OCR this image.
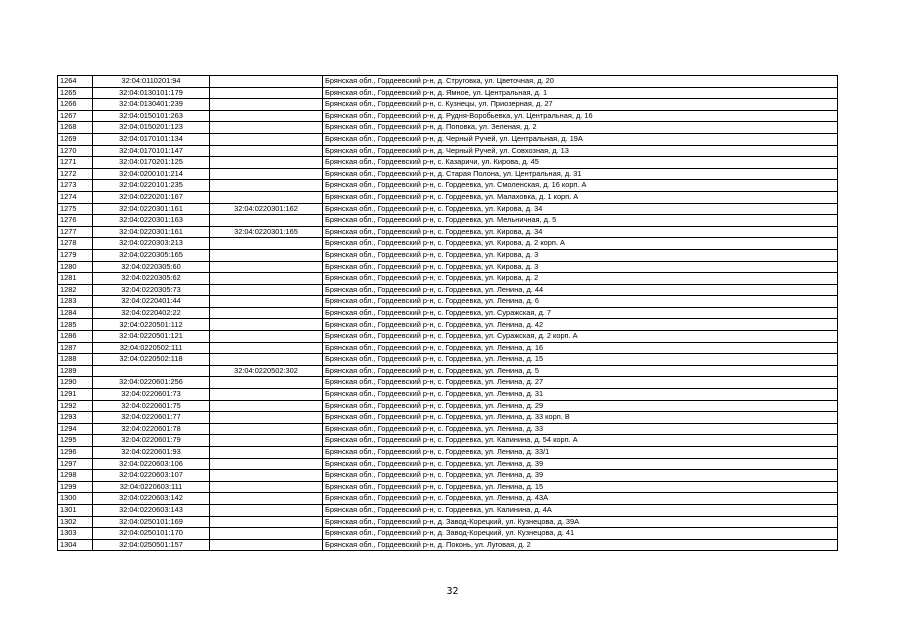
1264	32:04:0110201:94		Брянская обл., Гордеевский р-н, д. Струговка, ул. Цветочная, д. 20
1265	32:04:0130101:179		Брянская обл., Гордеевский р-н, д. Ямное, ул. Центральная, д. 1
1266	32:04:0130401:239		Брянская обл., Гордеевский р-н, с. Кузнецы, ул. Приозерная, д. 27
1267	32:04:0150101:263		Брянская обл., Гордеевский р-н, д. Рудня-Воробьевка, ул. Центральная, д. 16
1268	32:04:0150201:123		Брянская обл., Гордеевский р-н, д. Поповка, ул. Зеленая, д. 2
1269	32:04:0170101:134		Брянская обл., Гордеевский р-н, д. Черный Ручей, ул. Центральная, д. 19А
1270	32:04:0170101:147		Брянская обл., Гордеевский р-н, д. Черный Ручей, ул. Совхозная, д. 13
1271	32:04:0170201:125		Брянская обл., Гордеевский р-н, с. Казаричи, ул. Кирова, д. 45
1272	32:04:0200101:214		Брянская обл., Гордеевский р-н, д. Старая Полона, ул. Центральная, д. 31
1273	32:04:0220101:235		Брянская обл., Гордеевский р-н, с. Гордеевка, ул. Смоленская, д. 16 корп. А
1274	32:04:0220201:167		Брянская обл., Гордеевский р-н, с. Гордеевка, ул. Малаховка, д. 1 корп. А
1275	32:04:0220301:161	32:04:0220301:162	Брянская обл., Гордеевский р-н, с. Гордеевка, ул. Кирова, д. 34
1276	32:04:0220301:163		Брянская обл., Гордеевский р-н, с. Гордеевка, ул. Мельничная, д. 5
1277	32:04:0220301:161	32:04:0220301:165	Брянская обл., Гордеевский р-н, с. Гордеевка, ул. Кирова, д. 34
1278	32:04:0220303:213		Брянская обл., Гордеевский р-н, с. Гордеевка, ул. Кирова, д. 2 корп. А
1279	32:04:0220305:165		Брянская обл., Гордеевский р-н, с. Гордеевка, ул. Кирова, д. 3
1280	32:04:0220305:60		Брянская обл., Гордеевский р-н, с. Гордеевка, ул. Кирова, д. 3
1281	32:04:0220305:62		Брянская обл., Гордеевский р-н, с. Гордеевка, ул. Кирова, д. 2
1282	32:04:0220305:73		Брянская обл., Гордеевский р-н, с. Гордеевка, ул. Ленина, д. 44
1283	32:04:0220401:44		Брянская обл., Гордеевский р-н, с. Гордеевка, ул. Ленина, д. 6
1284	32:04:0220402:22		Брянская обл., Гордеевский р-н, с. Гордеевка, ул. Суражская, д. 7
1285	32:04:0220501:112		Брянская обл., Гордеевский р-н, с. Гордеевка, ул. Ленина, д. 42
1286	32:04:0220501:121		Брянская обл., Гордеевский р-н, с. Гордеевка, ул. Суражская, д. 2 корп. А
1287	32:04:0220502:111		Брянская обл., Гордеевский р-н, с. Гордеевка, ул. Ленина, д. 16
1288	32:04:0220502:118		Брянская обл., Гордеевский р-н, с. Гордеевка, ул. Ленина, д. 15
1289		32:04:0220502:302	Брянская обл., Гордеевский р-н, с. Гордеевка, ул. Ленина, д. 5
1290	32:04:0220601:256		Брянская обл., Гордеевский р-н, с. Гордеевка, ул. Ленина, д. 27
1291	32:04:0220601:73		Брянская обл., Гордеевский р-н, с. Гордеевка, ул. Ленина, д. 31
1292	32:04:0220601:75		Брянская обл., Гордеевский р-н, с. Гордеевка, ул. Ленина, д. 29
1293	32:04:0220601:77		Брянская обл., Гордеевский р-н, с. Гордеевка, ул. Ленина, д. 33 корп. В
1294	32:04:0220601:78		Брянская обл., Гордеевский р-н, с. Гордеевка, ул. Ленина, д. 33
1295	32:04:0220601:79		Брянская обл., Гордеевский р-н, с. Гордеевка, ул. Калинина, д. 54 корп. А
1296	32:04:0220601:93		Брянская обл., Гордеевский р-н, с. Гордеевка, ул. Ленина, д. 33/1
1297	32:04:0220603:106		Брянская обл., Гордеевский р-н, с. Гордеевка, ул. Ленина, д. 39
1298	32:04:0220603:107		Брянская обл., Гордеевский р-н, с. Гордеевка, ул. Ленина, д. 39
1299	32:04:0220603:111		Брянская обл., Гордеевский р-н, с. Гордеевка, ул. Ленина, д. 15
1300	32:04:0220603:142		Брянская обл., Гордеевский р-н, с. Гордеевка, ул. Ленина, д. 43А
1301	32:04:0220603:143		Брянская обл., Гордеевский р-н, с. Гордеевка, ул. Калинина, д. 4А
1302	32:04:0250101:169		Брянская обл., Гордеевский р-н, д. Завод-Корецкий, ул. Кузнецова, д. 39А
1303	32:04:0250101:170		Брянская обл., Гордеевский р-н, д. Завод-Корецкий, ул. Кузнецова, д. 41
1304	32:04:0250501:157		Брянская обл., Гордеевский р-н, д. Поконь, ул. Луговая, д. 2
32
